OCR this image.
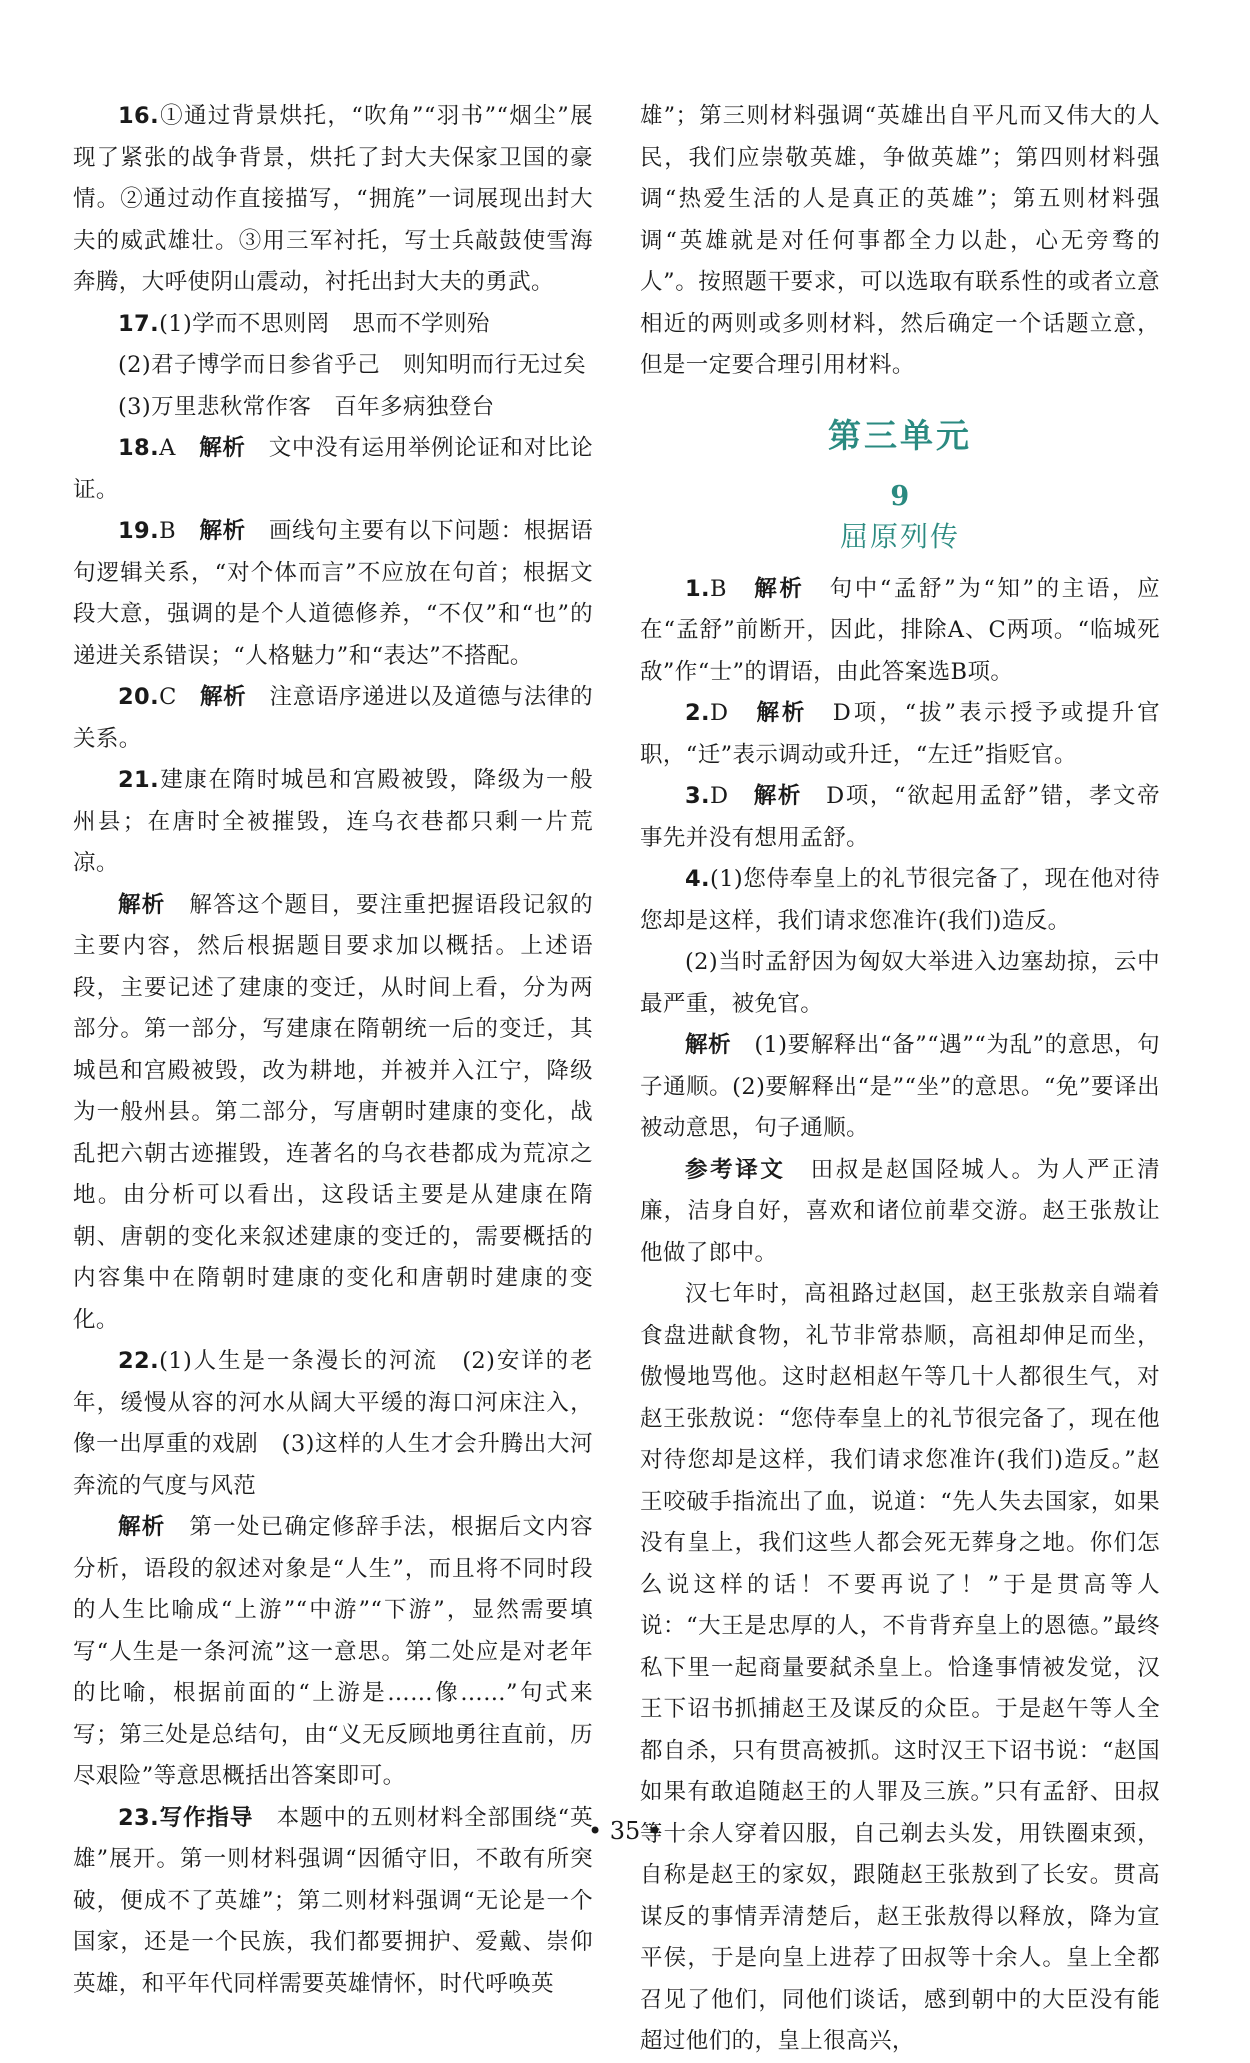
16.①通过背景烘托，“吹角”“羽书”“烟尘”展现了紧张的战争背景，烘托了封大夫保家卫国的豪情。②通过动作直接描写，“拥旄”一词展现出封大夫的威武雄壮。③用三军衬托，写士兵敲鼓使雪海奔腾，大呼使阴山震动，衬托出封大夫的勇武。

17.(1)学而不思则罔　思而不学则殆

(2)君子博学而日参省乎己　则知明而行无过矣

(3)万里悲秋常作客　百年多病独登台

18.A　 解析　 文中没有运用举例论证和对比论证。

19.B　 解析　 画线句主要有以下问题：根据语句逻辑关系，“对个体而言”不应放在句首；根据文段大意，强调的是个人道德修养，“不仅”和“也”的递进关系错误；“人格魅力”和“表达”不搭配。

20.C　 解析　 注意语序递进以及道德与法律的关系。

21.建康在隋时城邑和宫殿被毁，降级为一般州县；在唐时全被摧毁，连乌衣巷都只剩一片荒凉。

解析　 解答这个题目，要注重把握语段记叙的主要内容，然后根据题目要求加以概括。上述语段，主要记述了建康的变迁，从时间上看，分为两部分。第一部分，写建康在隋朝统一后的变迁，其城邑和宫殿被毁，改为耕地，并被并入江宁，降级为一般州县。第二部分，写唐朝时建康的变化，战乱把六朝古迹摧毁，连著名的乌衣巷都成为荒凉之地。由分析可以看出，这段话主要是从建康在隋朝、唐朝的变化来叙述建康的变迁的，需要概括的内容集中在隋朝时建康的变化和唐朝时建康的变化。

22.(1)人生是一条漫长的河流　(2)安详的老年，缓慢从容的河水从阔大平缓的海口河床注入，像一出厚重的戏剧　(3)这样的人生才会升腾出大河奔流的气度与风范

解析　 第一处已确定修辞手法，根据后文内容分析，语段的叙述对象是“人生”，而且将不同时段的人生比喻成“上游”“中游”“下游”，显然需要填写“人生是一条河流”这一意思。第二处应是对老年的比喻，根据前面的“上游是……像……”句式来写；第三处是总结句，由“义无反顾地勇往直前，历尽艰险”等意思概括出答案即可。

23.写作指导　 本题中的五则材料全部围绕“英雄”展开。第一则材料强调“因循守旧，不敢有所突破，便成不了英雄”；第二则材料强调“无论是一个国家，还是一个民族，我们都要拥护、爱戴、崇仰英雄，和平年代同样需要英雄情怀，时代呼唤英

雄”；第三则材料强调“英雄出自平凡而又伟大的人民，我们应崇敬英雄，争做英雄”；第四则材料强调“热爱生活的人是真正的英雄”；第五则材料强调“英雄就是对任何事都全力以赴，心无旁骛的人”。按照题干要求，可以选取有联系性的或者立意相近的两则或多则材料，然后确定一个话题立意，但是一定要合理引用材料。

第三单元
9
屈原列传

1.B　 解析　 句中“孟舒”为“知”的主语，应在“孟舒”前断开，因此，排除A、C两项。“临城死敌”作“士”的谓语，由此答案选B项。

2.D　 解析　 D项，“拔”表示授予或提升官职，“迁”表示调动或升迁，“左迁”指贬官。

3.D　 解析　 D项，“欲起用孟舒”错，孝文帝事先并没有想用孟舒。

4.(1)您侍奉皇上的礼节很完备了，现在他对待您却是这样，我们请求您准许(我们)造反。

(2)当时孟舒因为匈奴大举进入边塞劫掠，云中最严重，被免官。

解析　 (1)要解释出“备”“遇”“为乱”的意思，句子通顺。(2)要解释出“是”“坐”的意思。“免”要译出被动意思，句子通顺。

参考译文　 田叔是赵国陉城人。为人严正清廉，洁身自好，喜欢和诸位前辈交游。赵王张敖让他做了郎中。

汉七年时，高祖路过赵国，赵王张敖亲自端着食盘进献食物，礼节非常恭顺，高祖却伸足而坐，傲慢地骂他。这时赵相赵午等几十人都很生气，对赵王张敖说：“您侍奉皇上的礼节很完备了，现在他对待您却是这样，我们请求您准许(我们)造反。”赵王咬破手指流出了血，说道：“先人失去国家，如果没有皇上，我们这些人都会死无葬身之地。你们怎么说这样的话！不要再说了！”于是贯高等人说：“大王是忠厚的人，不肯背弃皇上的恩德。”最终私下里一起商量要弑杀皇上。恰逢事情被发觉，汉王下诏书抓捕赵王及谋反的众臣。于是赵午等人全都自杀，只有贯高被抓。这时汉王下诏书说：“赵国如果有敢追随赵王的人罪及三族。”只有孟舒、田叔等十余人穿着囚服，自己剃去头发，用铁圈束颈，自称是赵王的家奴，跟随赵王张敖到了长安。贯高谋反的事情弄清楚后，赵王张敖得以释放，降为宣平侯，于是向皇上进荐了田叔等十余人。皇上全都召见了他们，同他们谈话，感到朝中的大臣没有能超过他们的，皇上很高兴，

• 35 •
